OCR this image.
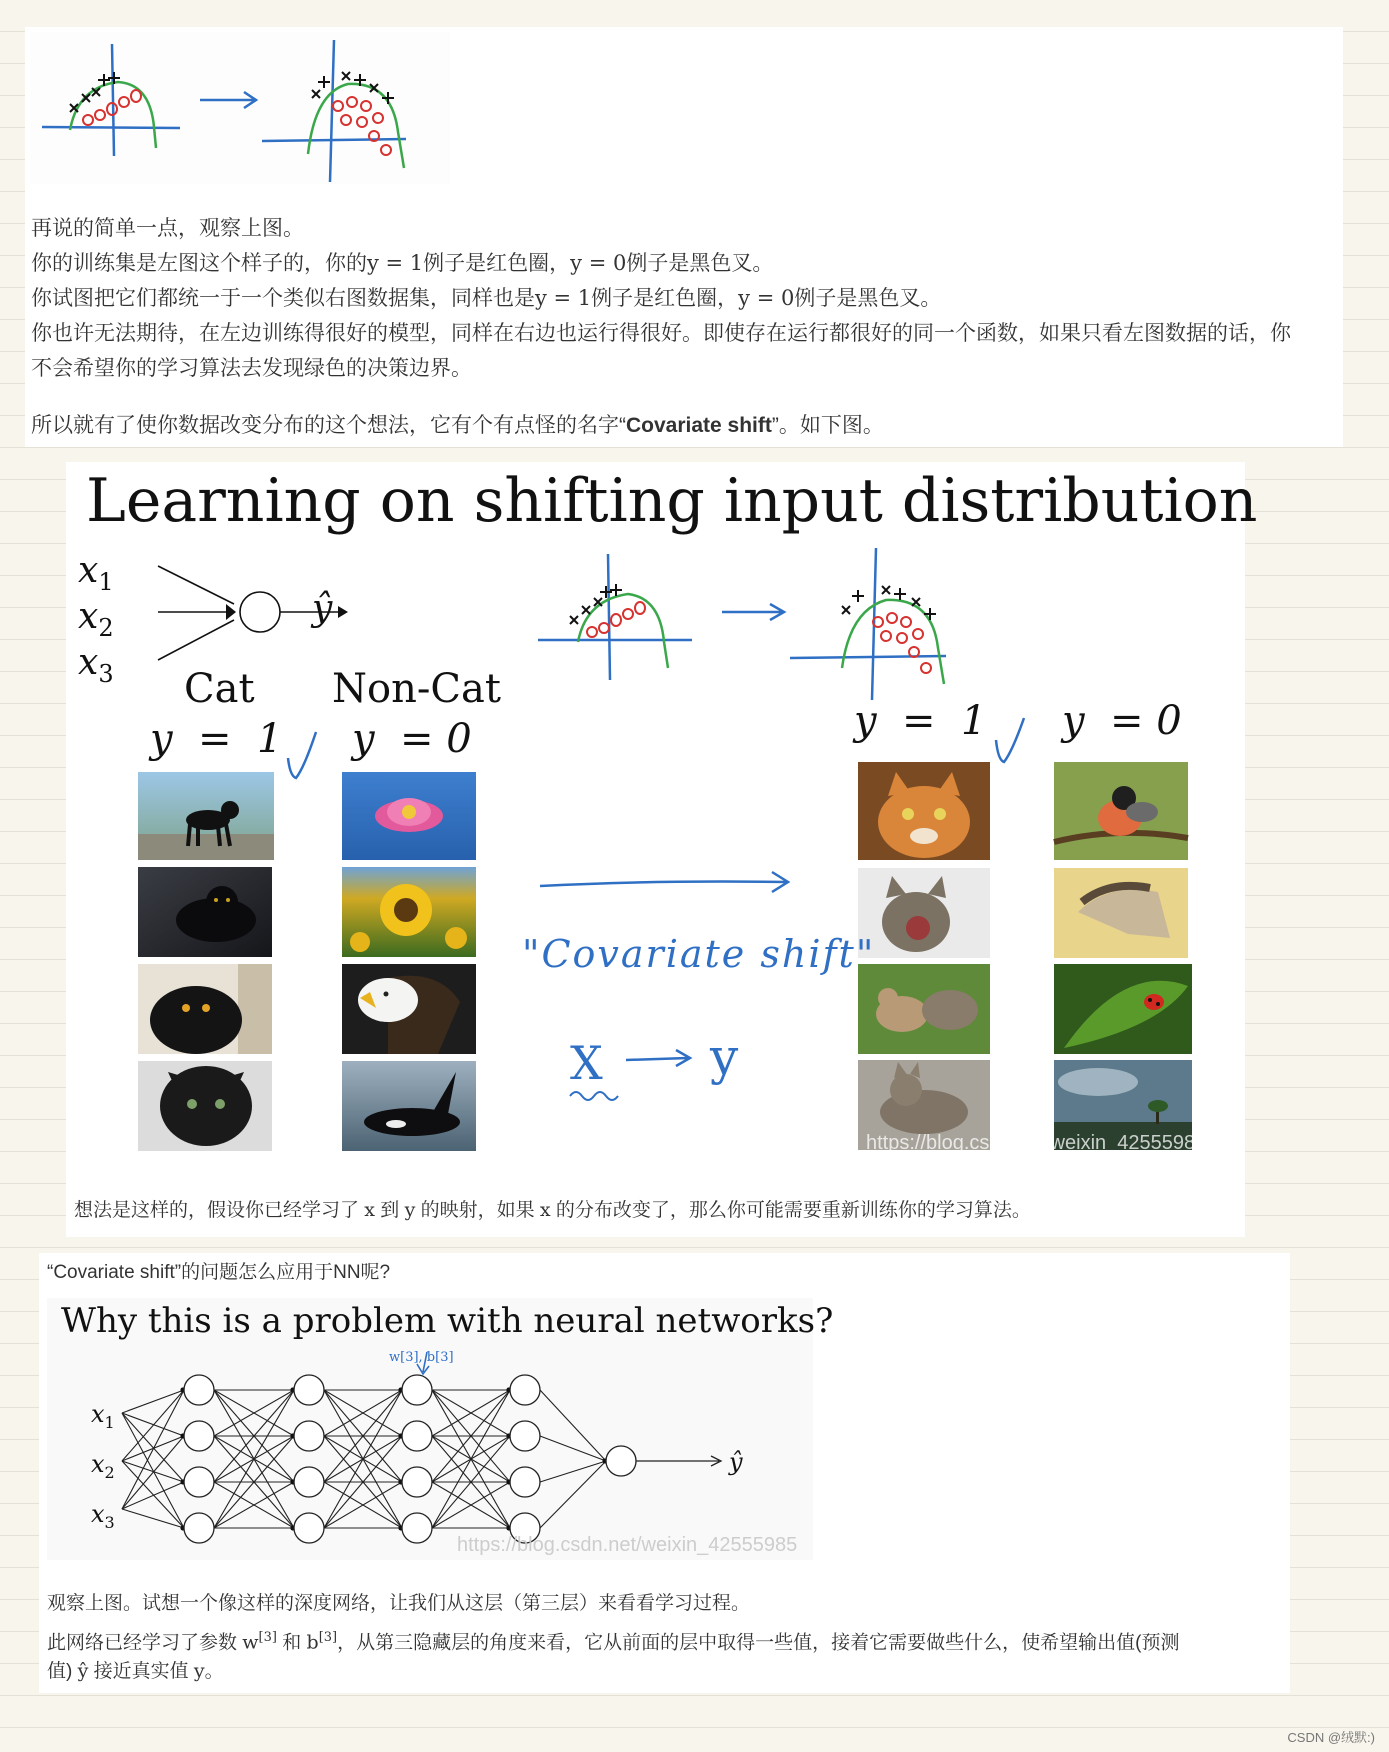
再说的简单一点，观察上图。
你的训练集是左图这个样子的，你的y = 1例子是红色圈，y = 0例子是黑色叉。
你试图把它们都统一于一个类似右图数据集，同样也是y = 1例子是红色圈，y = 0例子是黑色叉。
你也许无法期待，在左边训练得很好的模型，同样在右边也运行得很好。即使存在运行都很好的同一个函数，如果只看左图数据的话，你
不会希望你的学习算法去发现绿色的决策边界。
所以就有了使你数据改变分布的这个想法，它有个有点怪的名字“Covariate shift”。如下图。
Learning on shifting input distribution
$x_1$
$x_2$
$x_3$
ŷ
Cat Non-Cat
y  =  1 y  = 0	y  =  1 y  = 0
"Covariate shift"
X y
https://blog.csdn.net/weixin_42555985
想法是这样的，假设你已经学习了 x 到 y 的映射，如果 x 的分布改变了，那么你可能需要重新训练你的学习算法。
“Covariate shift”的问题怎么应用于NN呢?
Why this is a problem with neural networks?
$x_1$
$x_2$
$x_3$
ŷ
w[3], b[3]
https://blog.csdn.net/weixin_42555985
观察上图。试想一个像这样的深度网络，让我们从这层（第三层）来看看学习过程。
此网络已经学习了参数 w[3] 和 b[3]，从第三隐藏层的角度来看，它从前面的层中取得一些值，接着它需要做些什么，使希望输出值(预测
值) ŷ 接近真实值 y。
CSDN @绒默:)
